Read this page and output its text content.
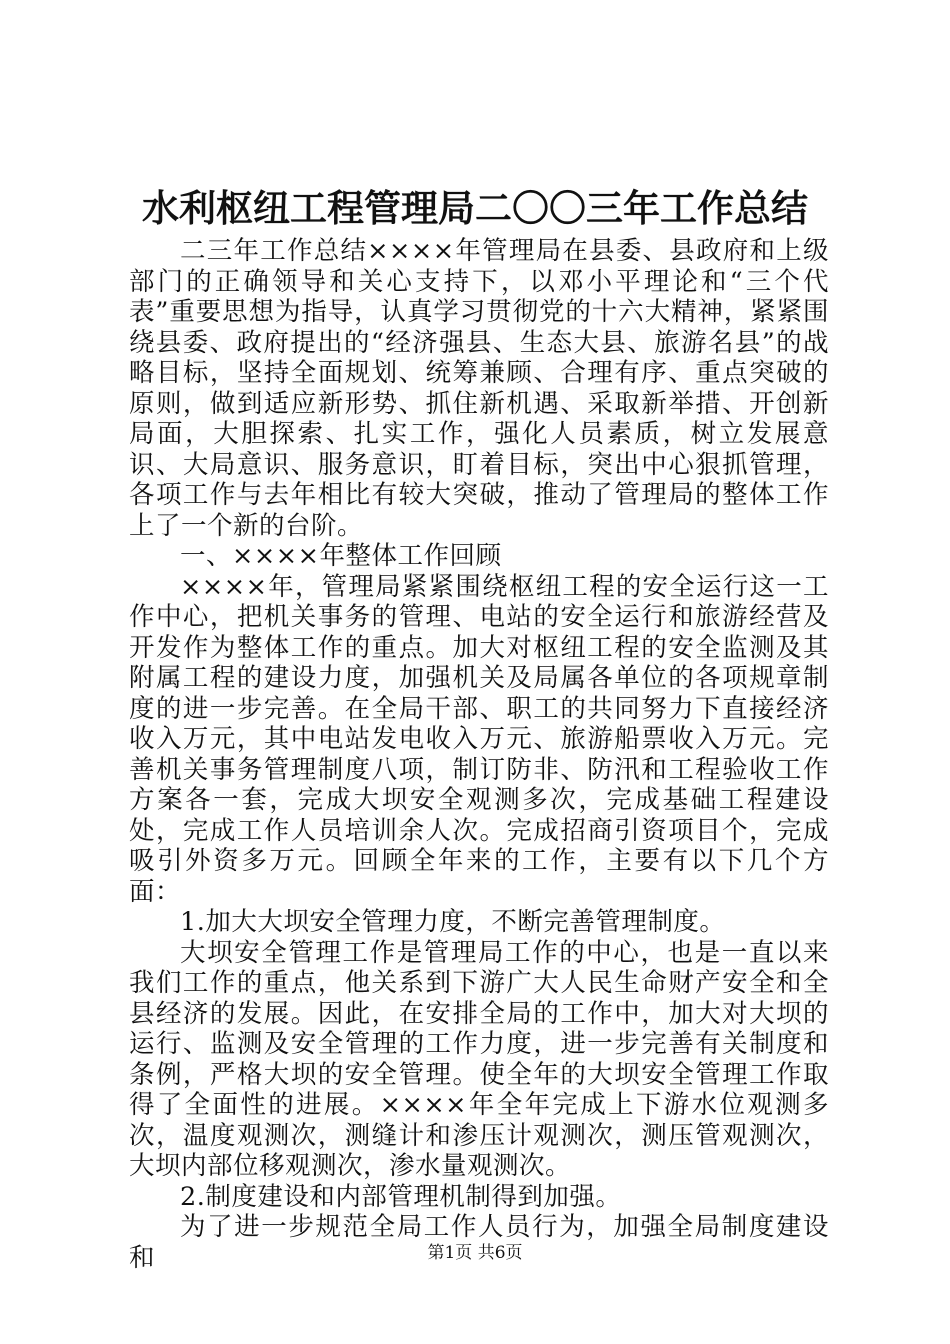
水利枢纽工程管理局二〇〇三年工作总结

二三年工作总结××××年管理局在县委、县政府和上级部门的正确领导和关心支持下，以邓小平理论和“三个代表”重要思想为指导，认真学习贯彻党的十六大精神，紧紧围绕县委、政府提出的“经济强县、生态大县、旅游名县”的战略目标，坚持全面规划、统筹兼顾、合理有序、重点突破的原则，做到适应新形势、抓住新机遇、采取新举措、开创新局面，大胆探索、扎实工作，强化人员素质，树立发展意识、大局意识、服务意识，盯着目标，突出中心狠抓管理，各项工作与去年相比有较大突破，推动了管理局的整体工作上了一个新的台阶。

一、××××年整体工作回顾

××××年，管理局紧紧围绕枢纽工程的安全运行这一工作中心，把机关事务的管理、电站的安全运行和旅游经营及开发作为整体工作的重点。加大对枢纽工程的安全监测及其附属工程的建设力度，加强机关及局属各单位的各项规章制度的进一步完善。在全局干部、职工的共同努力下直接经济收入万元，其中电站发电收入万元、旅游船票收入万元。完善机关事务管理制度八项，制订防非、防汛和工程验收工作方案各一套，完成大坝安全观测多次，完成基础工程建设处，完成工作人员培训余人次。完成招商引资项目个，完成吸引外资多万元。回顾全年来的工作，主要有以下几个方面：

1.加大大坝安全管理力度，不断完善管理制度。

大坝安全管理工作是管理局工作的中心，也是一直以来我们工作的重点，他关系到下游广大人民生命财产安全和全县经济的发展。因此，在安排全局的工作中，加大对大坝的运行、监测及安全管理的工作力度，进一步完善有关制度和条例，严格大坝的安全管理。使全年的大坝安全管理工作取得了全面性的进展。××××年全年完成上下游水位观测多次，温度观测次，测缝计和渗压计观测次，测压管观测次，大坝内部位移观测次，渗水量观测次。

2.制度建设和内部管理机制得到加强。

为了进一步规范全局工作人员行为，加强全局制度建设和	第1页 共6页
